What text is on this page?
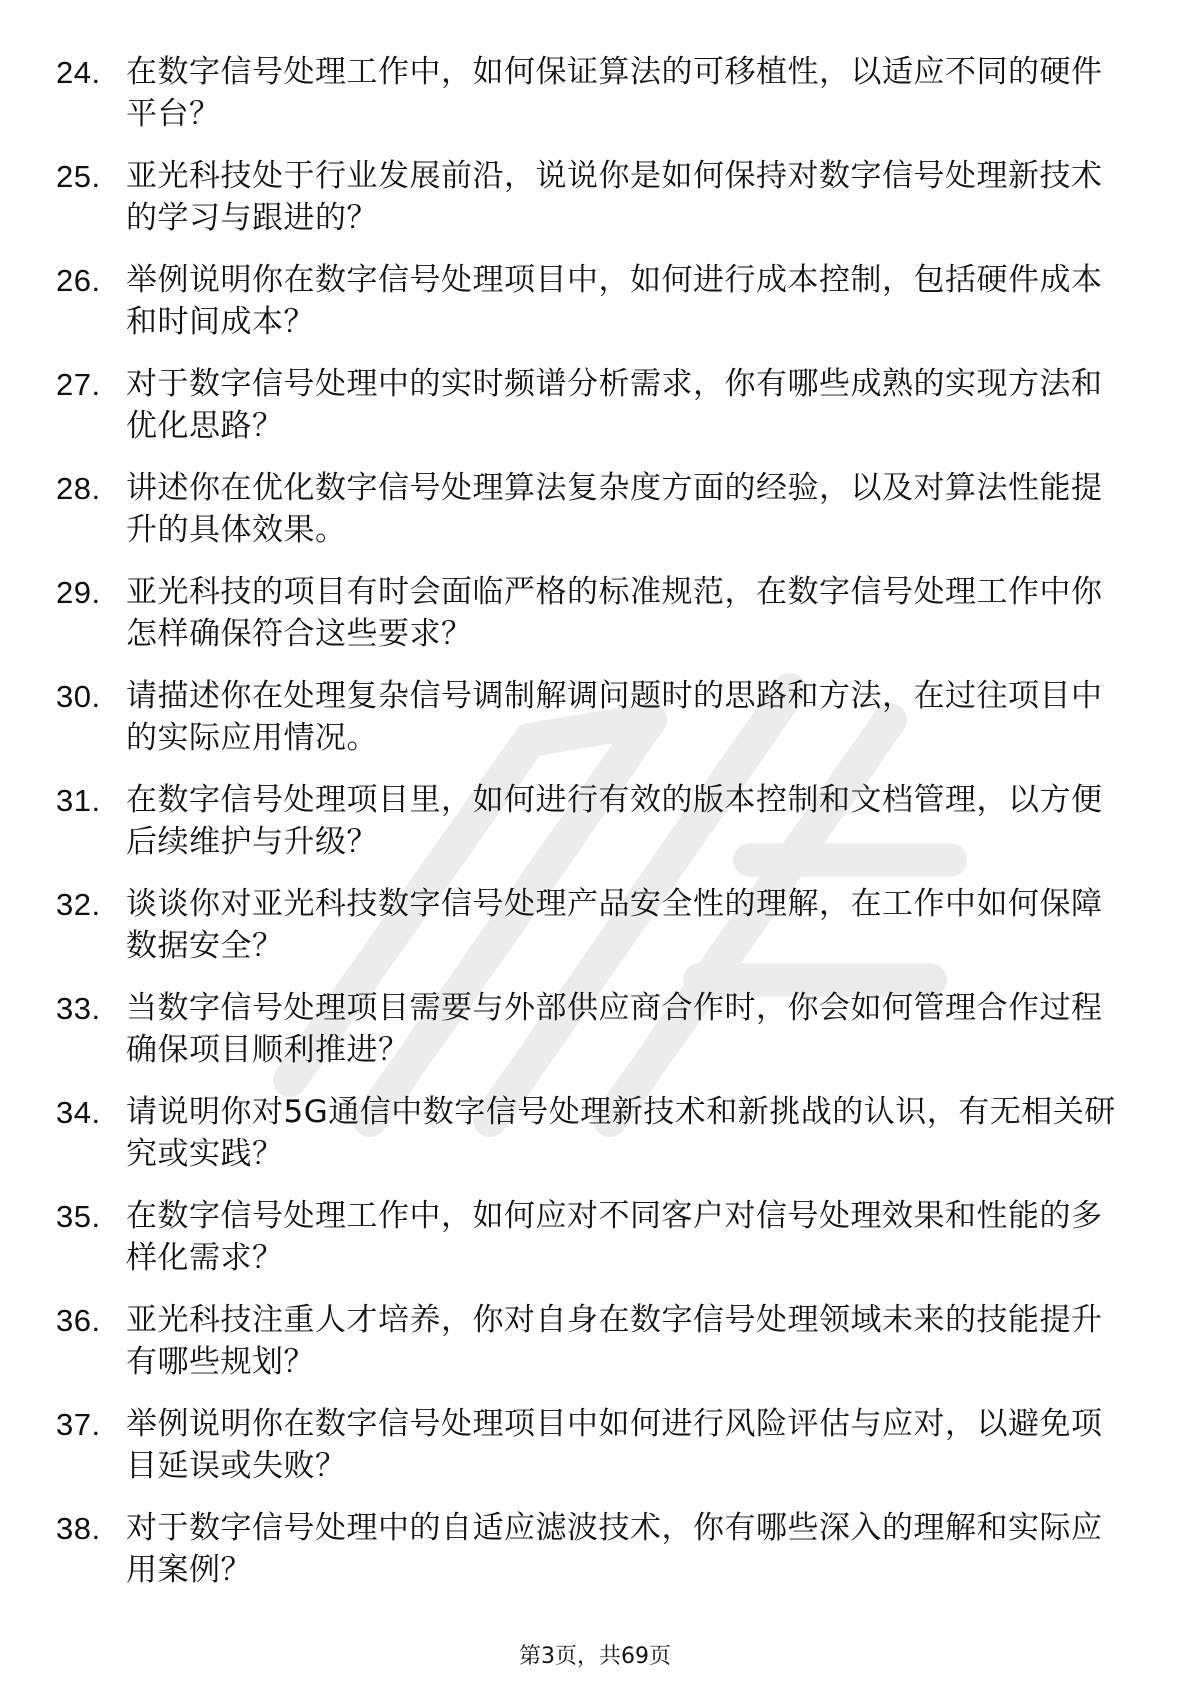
24. 在数字信号处理工作中，如何保证算法的可移植性，以适应不同的硬件平台？
25. 亚光科技处于行业发展前沿，说说你是如何保持对数字信号处理新技术的学习与跟进的？
26. 举例说明你在数字信号处理项目中，如何进行成本控制，包括硬件成本和时间成本？
27. 对于数字信号处理中的实时频谱分析需求，你有哪些成熟的实现方法和优化思路？
28. 讲述你在优化数字信号处理算法复杂度方面的经验，以及对算法性能提升的具体效果。
29. 亚光科技的项目有时会面临严格的标准规范，在数字信号处理工作中你怎样确保符合这些要求？
30. 请描述你在处理复杂信号调制解调问题时的思路和方法，在过往项目中的实际应用情况。
31. 在数字信号处理项目里，如何进行有效的版本控制和文档管理，以方便后续维护与升级？
32. 谈谈你对亚光科技数字信号处理产品安全性的理解，在工作中如何保障数据安全？
33. 当数字信号处理项目需要与外部供应商合作时，你会如何管理合作过程确保项目顺利推进？
34. 请说明你对5G通信中数字信号处理新技术和新挑战的认识，有无相关研究或实践？
35. 在数字信号处理工作中，如何应对不同客户对信号处理效果和性能的多样化需求？
36. 亚光科技注重人才培养，你对自身在数字信号处理领域未来的技能提升有哪些规划？
37. 举例说明你在数字信号处理项目中如何进行风险评估与应对，以避免项目延误或失败？
38. 对于数字信号处理中的自适应滤波技术，你有哪些深入的理解和实际应用案例？
第3页，共69页
